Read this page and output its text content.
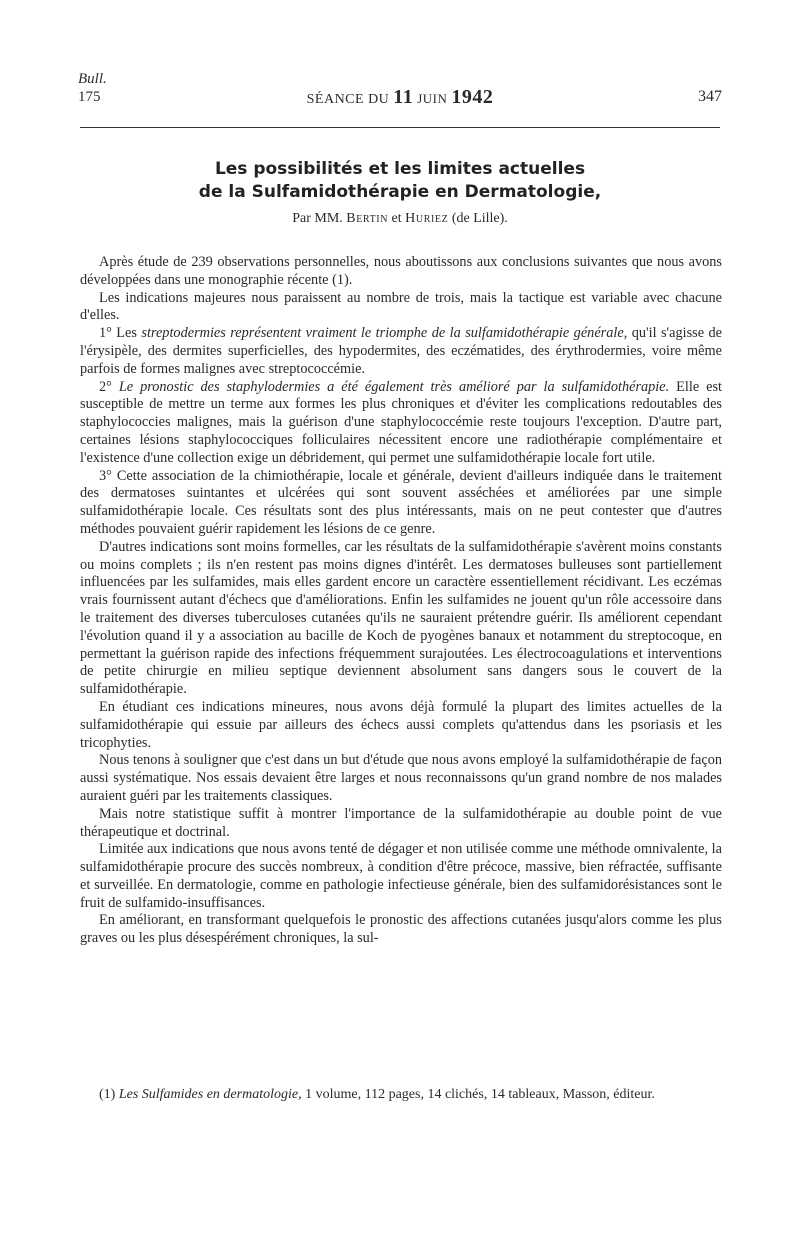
Bull.
175	SÉANCE DU 11 JUIN 1942	347
Les possibilités et les limites actuelles
de la Sulfamidothérapie en Dermatologie,
Par MM. Bertin et Huriez (de Lille).

Après étude de 239 observations personnelles, nous aboutissons aux conclusions suivantes que nous avons développées dans une monographie récente (1).

Les indications majeures nous paraissent au nombre de trois, mais la tactique est variable avec chacune d'elles.

1° Les streptodermies représentent vraiment le triomphe de la sulfamidothérapie générale, qu'il s'agisse de l'érysipèle, des dermites superficielles, des hypodermites, des eczématides, des érythrodermies, voire même parfois de formes malignes avec streptococcémie.

2° Le pronostic des staphylodermies a été également très amélioré par la sulfamidothérapie. Elle est susceptible de mettre un terme aux formes les plus chroniques et d'éviter les complications redoutables des staphylococcies malignes, mais la guérison d'une staphylococcémie reste toujours l'exception. D'autre part, certaines lésions staphylococciques folliculaires nécessitent encore une radiothérapie complémentaire et l'existence d'une collection exige un débridement, qui permet une sulfamidothérapie locale fort utile.

3° Cette association de la chimiothérapie, locale et générale, devient d'ailleurs indiquée dans le traitement des dermatoses suintantes et ulcérées qui sont souvent asséchées et améliorées par une simple sulfamidothérapie locale. Ces résultats sont des plus intéressants, mais on ne peut contester que d'autres méthodes pouvaient guérir rapidement les lésions de ce genre.

D'autres indications sont moins formelles, car les résultats de la sulfamidothérapie s'avèrent moins constants ou moins complets ; ils n'en restent pas moins dignes d'intérêt. Les dermatoses bulleuses sont partiellement influencées par les sulfamides, mais elles gardent encore un caractère essentiellement récidivant. Les eczémas vrais fournissent autant d'échecs que d'améliorations. Enfin les sulfamides ne jouent qu'un rôle accessoire dans le traitement des diverses tuberculoses cutanées qu'ils ne sauraient prétendre guérir. Ils améliorent cependant l'évolution quand il y a association au bacille de Koch de pyogènes banaux et notamment du streptocoque, en permettant la guérison rapide des infections fréquemment surajoutées. Les électrocoagulations et interventions de petite chirurgie en milieu septique deviennent absolument sans dangers sous le couvert de la sulfamidothérapie.

En étudiant ces indications mineures, nous avons déjà formulé la plupart des limites actuelles de la sulfamidothérapie qui essuie par ailleurs des échecs aussi complets qu'attendus dans les psoriasis et les tricophyties.

Nous tenons à souligner que c'est dans un but d'étude que nous avons employé la sulfamidothérapie de façon aussi systématique. Nos essais devaient être larges et nous reconnaissons qu'un grand nombre de nos malades auraient guéri par les traitements classiques.

Mais notre statistique suffit à montrer l'importance de la sulfamidothérapie au double point de vue thérapeutique et doctrinal.

Limitée aux indications que nous avons tenté de dégager et non utilisée comme une méthode omnivalente, la sulfamidothérapie procure des succès nombreux, à condition d'être précoce, massive, bien réfractée, suffisante et surveillée. En dermatologie, comme en pathologie infectieuse générale, bien des sulfamidorésistances sont le fruit de sulfamido-insuffisances.

En améliorant, en transformant quelquefois le pronostic des affections cutanées jusqu'alors comme les plus graves ou les plus désespérément chroniques, la sul-

(1) Les Sulfamides en dermatologie, 1 volume, 112 pages, 14 clichés, 14 tableaux, Masson, éditeur.
